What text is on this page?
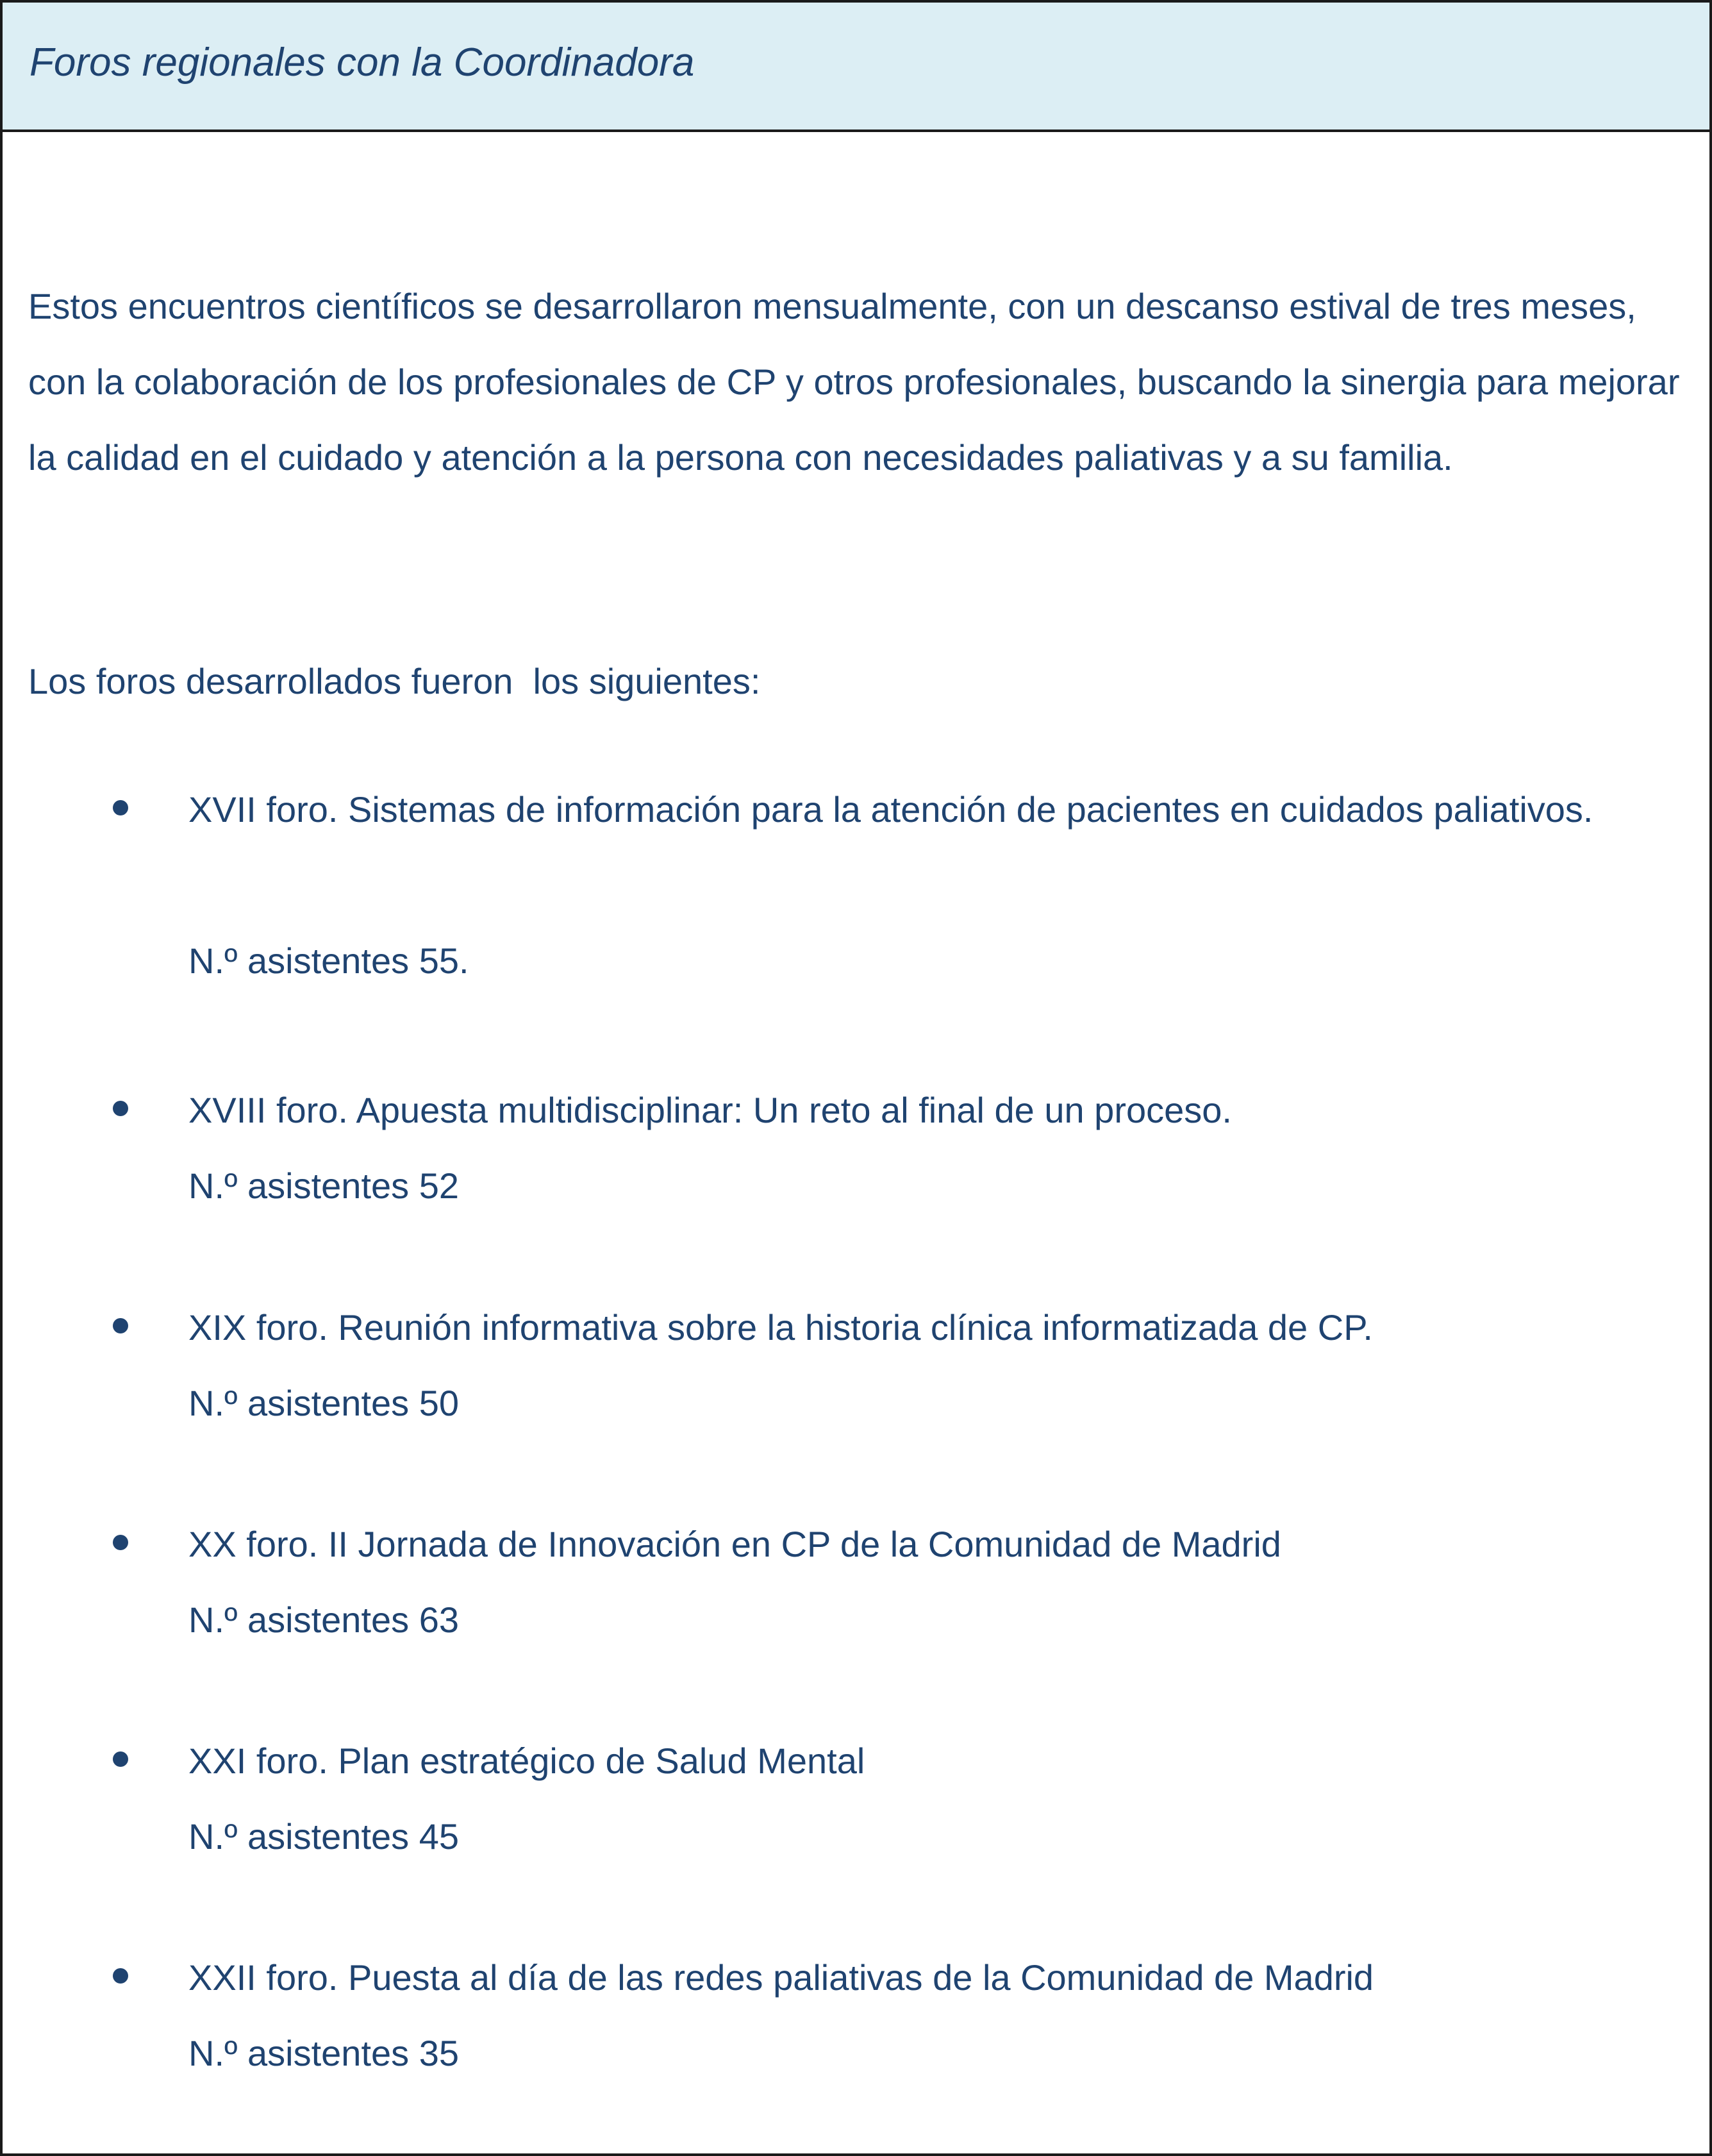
Foros regionales con la Coordinadora

Estos encuentros científicos se desarrollaron mensualmente, con un descanso estival de tres meses, con la colaboración de los profesionales de CP y otros profesionales, buscando la sinergia para mejorar la calidad en el cuidado y atención a la persona con necesidades paliativas y a su familia.

Los foros desarrollados fueron  los siguientes:

XVII foro. Sistemas de información para la atención de pacientes en cuidados paliativos.

N.º asistentes 55.

XVIII foro. Apuesta multidisciplinar: Un reto al final de un proceso.

N.º asistentes 52

XIX foro. Reunión informativa sobre la historia clínica informatizada de CP.

N.º asistentes 50

XX foro. II Jornada de Innovación en CP de la Comunidad de Madrid

N.º asistentes 63

XXI foro. Plan estratégico de Salud Mental

N.º asistentes 45

XXII foro. Puesta al día de las redes paliativas de la Comunidad de Madrid

N.º asistentes 35
